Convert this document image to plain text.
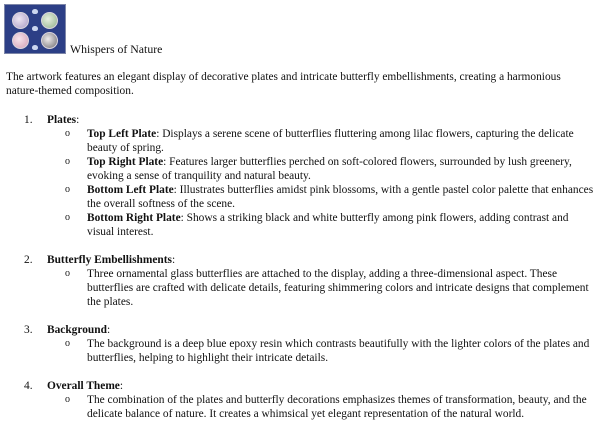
Whispers of Nature

The artwork features an elegant display of decorative plates and intricate butterfly embellishments, creating a harmonious nature-themed composition.

1. Plates:
o Top Left Plate: Displays a serene scene of butterflies fluttering among lilac flowers, capturing the delicate beauty of spring.
o Top Right Plate: Features larger butterflies perched on soft-colored flowers, surrounded by lush greenery, evoking a sense of tranquility and natural beauty.
o Bottom Left Plate: Illustrates butterflies amidst pink blossoms, with a gentle pastel color palette that enhances the overall softness of the scene.
o Bottom Right Plate: Shows a striking black and white butterfly among pink flowers, adding contrast and visual interest.
2. Butterfly Embellishments:
o Three ornamental glass butterflies are attached to the display, adding a three-dimensional aspect. These butterflies are crafted with delicate details, featuring shimmering colors and intricate designs that complement the plates.
3. Background:
o The background is a deep blue epoxy resin which contrasts beautifully with the lighter colors of the plates and butterflies, helping to highlight their intricate details.
4. Overall Theme:
o The combination of the plates and butterfly decorations emphasizes themes of transformation, beauty, and the delicate balance of nature. It creates a whimsical yet elegant representation of the natural world.
